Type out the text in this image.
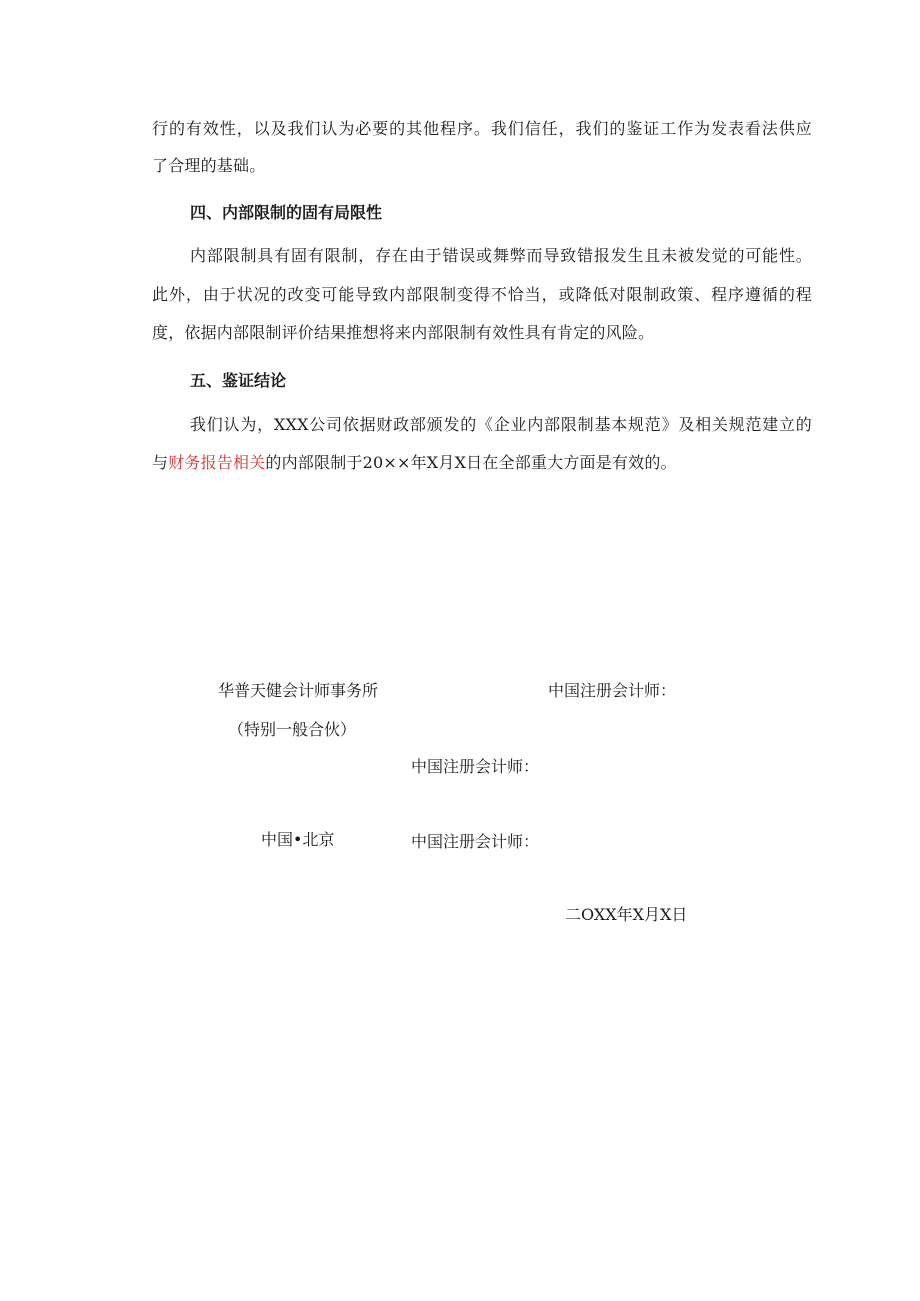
行的有效性，以及我们认为必要的其他程序。我们信任，我们的鉴证工作为发表看法供应
了合理的基础。
四、内部限制的固有局限性
内部限制具有固有限制，存在由于错误或舞弊而导致错报发生且未被发觉的可能性。
此外，由于状况的改变可能导致内部限制变得不恰当，或降低对限制政策、程序遵循的程
度，依据内部限制评价结果推想将来内部限制有效性具有肯定的风险。
五、鉴证结论
我们认为，XXX公司依据财政部颁发的《企业内部限制基本规范》及相关规范建立的
与财务报告相关的内部限制于20××年X月X日在全部重大方面是有效的。
华普天健会计师事务所
（特别一般合伙）
中国•北京
中国注册会计师：
中国注册会计师：
中国注册会计师：
二OXX年X月X日
